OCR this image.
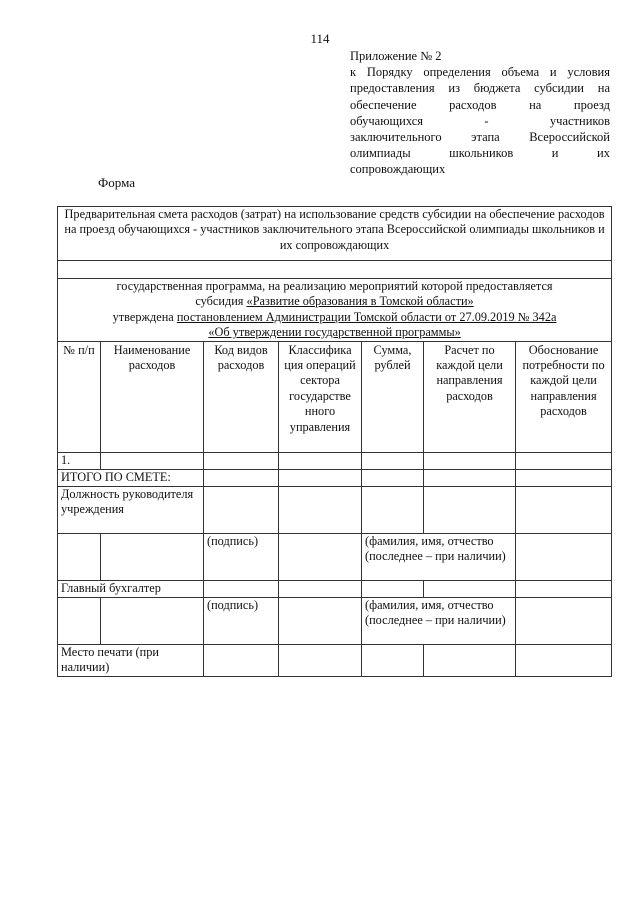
114
Приложение № 2
к Порядку определения объема и условия
предоставления из бюджета субсидии на
обеспечение расходов на проезд
обучающихся - участников
заключительного этапа Всероссийской
олимпиады школьников и их
сопровождающих
Форма
Предварительная смета расходов (затрат) на использование средств субсидии на обеспечение расходов на проезд обучающихся - участников заключительного этапа Всероссийской олимпиады школьников и их сопровождающих						

государственная программа, на реализацию мероприятий которой предоставляется
субсидия «Развитие образования в Томской области»
утверждена постановлением Администрации Томской области от 27.09.2019 № 342а
«Об утверждении государственной программы»						

№ п/п	Наименование расходов	Код видов расходов	Классифика ция операций сектора государстве нного управления	Сумма, рублей	Расчет по каждой цели направления расходов	Обоснование потребности по каждой цели направления расходов
1.						
ИТОГО ПО СМЕТЕ:						
Должность руководителя учреждения						
		(подпись)		(фамилия, имя, отчество (последнее – при наличии)		
Главный бухгалтер						
		(подпись)		(фамилия, имя, отчество (последнее – при наличии)		
Место печати (при наличии)						
